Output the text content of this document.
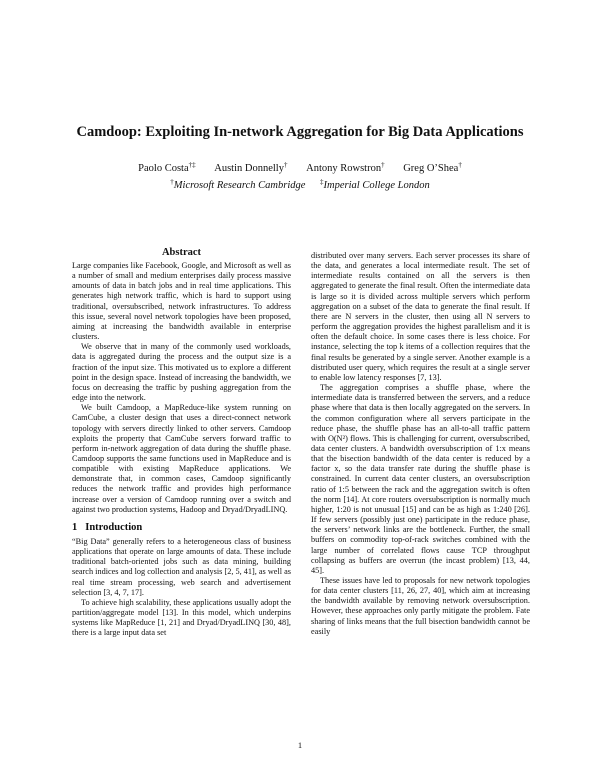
Camdoop: Exploiting In-network Aggregation for Big Data Applications
Paolo Costa†‡ Austin Donnelly† Antony Rowstron† Greg O’Shea†
†Microsoft Research Cambridge ‡Imperial College London
Abstract

Large companies like Facebook, Google, and Microsoft as well as a number of small and medium enterprises daily process massive amounts of data in batch jobs and in real time applications. This generates high network traffic, which is hard to support using traditional, oversubscribed, network infrastructures. To address this issue, several novel network topologies have been proposed, aiming at increasing the bandwidth available in enterprise clusters.

We observe that in many of the commonly used workloads, data is aggregated during the process and the output size is a fraction of the input size. This motivated us to explore a different point in the design space. Instead of increasing the bandwidth, we focus on decreasing the traffic by pushing aggregation from the edge into the network.

We built Camdoop, a MapReduce-like system running on CamCube, a cluster design that uses a direct-connect network topology with servers directly linked to other servers. Camdoop exploits the property that CamCube servers forward traffic to perform in-network aggregation of data during the shuffle phase. Camdoop supports the same functions used in MapReduce and is compatible with existing MapReduce applications. We demonstrate that, in common cases, Camdoop significantly reduces the network traffic and provides high performance increase over a version of Camdoop running over a switch and against two production systems, Hadoop and Dryad/DryadLINQ.

1 Introduction

“Big Data” generally refers to a heterogeneous class of business applications that operate on large amounts of data. These include traditional batch-oriented jobs such as data mining, building search indices and log collection and analysis [2, 5, 41], as well as real time stream processing, web search and advertisement selection [3, 4, 7, 17].

To achieve high scalability, these applications usually adopt the partition/aggregate model [13]. In this model, which underpins systems like MapReduce [1, 21] and Dryad/DryadLINQ [30, 48], there is a large input data set

distributed over many servers. Each server processes its share of the data, and generates a local intermediate result. The set of intermediate results contained on all the servers is then aggregated to generate the final result. Often the intermediate data is large so it is divided across multiple servers which perform aggregation on a subset of the data to generate the final result. If there are N servers in the cluster, then using all N servers to perform the aggregation provides the highest parallelism and it is often the default choice. In some cases there is less choice. For instance, selecting the top k items of a collection requires that the final results be generated by a single server. Another example is a distributed user query, which requires the result at a single server to enable low latency responses [7, 13].

The aggregation comprises a shuffle phase, where the intermediate data is transferred between the servers, and a reduce phase where that data is then locally aggregated on the servers. In the common configuration where all servers participate in the reduce phase, the shuffle phase has an all-to-all traffic pattern with O(N²) flows. This is challenging for current, oversubscribed, data center clusters. A bandwidth oversubscription of 1:x means that the bisection bandwidth of the data center is reduced by a factor x, so the data transfer rate during the shuffle phase is constrained. In current data center clusters, an oversubscription ratio of 1:5 between the rack and the aggregation switch is often the norm [14]. At core routers oversubscription is normally much higher, 1:20 is not unusual [15] and can be as high as 1:240 [26]. If few servers (possibly just one) participate in the reduce phase, the servers’ network links are the bottleneck. Further, the small buffers on commodity top-of-rack switches combined with the large number of correlated flows cause TCP throughput collapsing as buffers are overrun (the incast problem) [13, 44, 45].

These issues have led to proposals for new network topologies for data center clusters [11, 26, 27, 40], which aim at increasing the bandwidth available by removing network oversubscription. However, these approaches only partly mitigate the problem. Fate sharing of links means that the full bisection bandwidth cannot be easily

1
